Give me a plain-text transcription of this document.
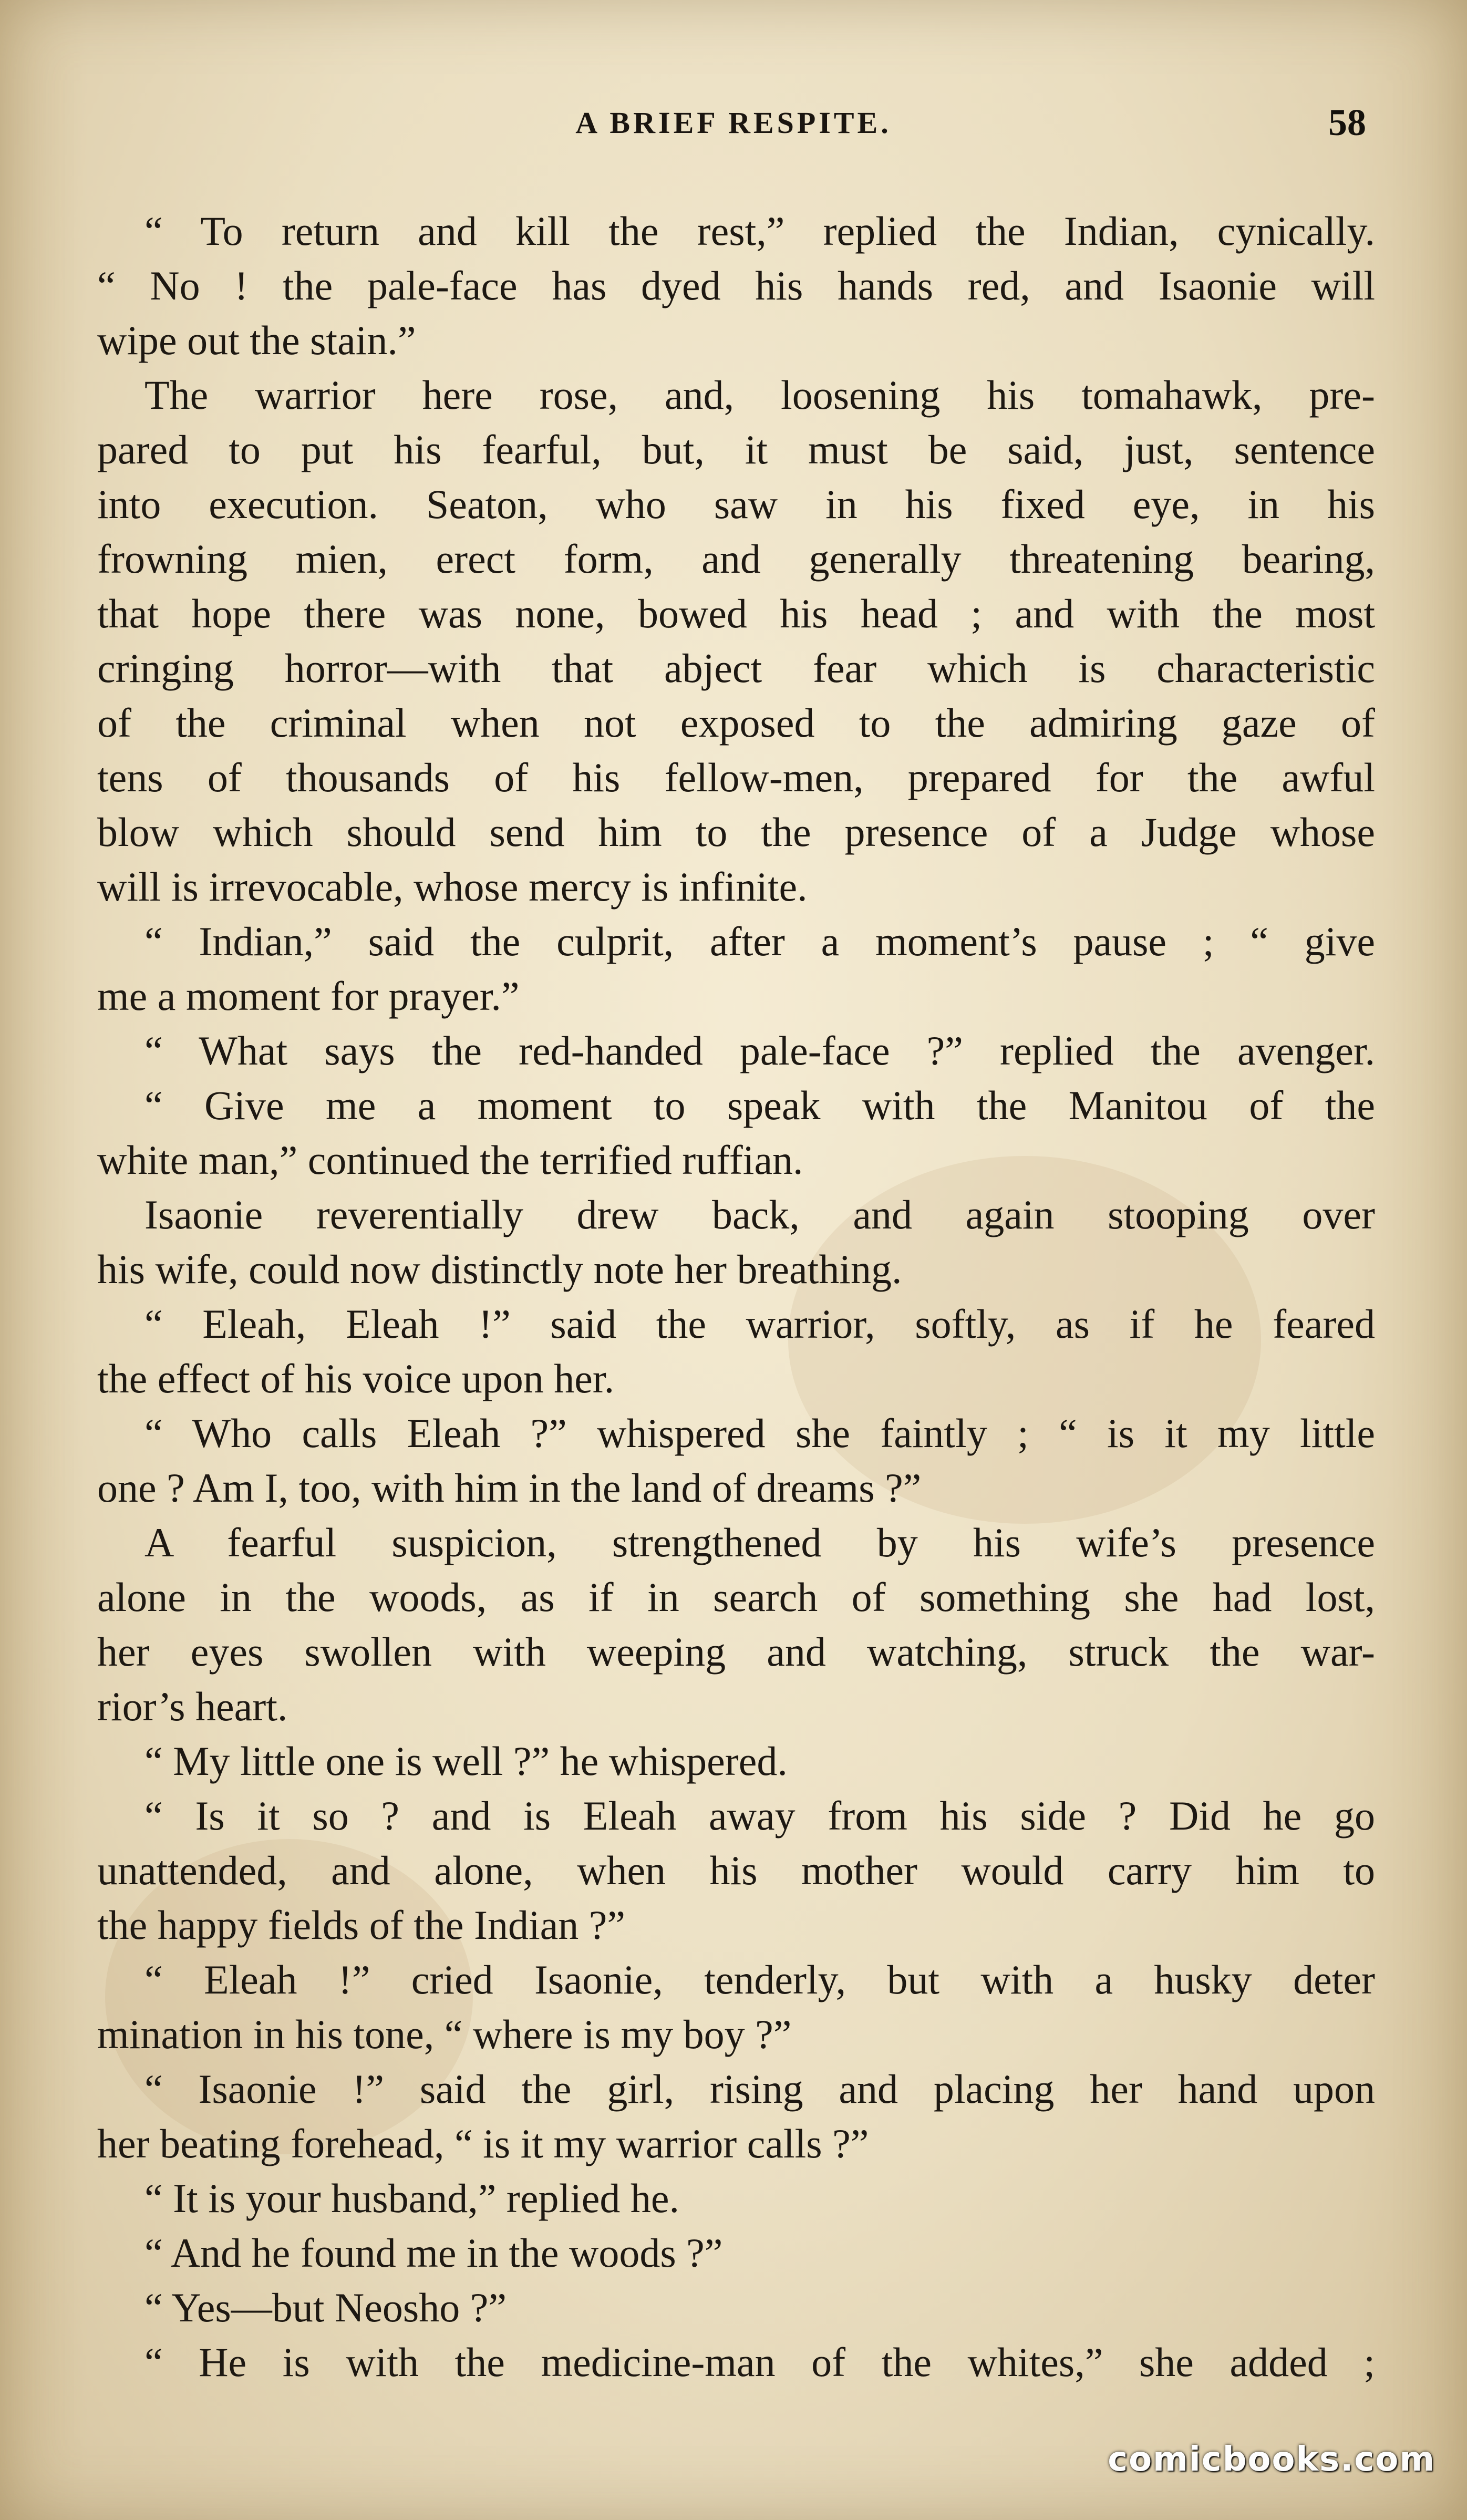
A BRIEF RESPITE.	58
“ To return and kill the rest,” replied the Indian, cynically.
“ No ! the pale-face has dyed his hands red, and Isaonie will
wipe out the stain.”
The warrior here rose, and, loosening his tomahawk, pre-
pared to put his fearful, but, it must be said, just, sentence
into execution. Seaton, who saw in his fixed eye, in his
frowning mien, erect form, and generally threatening bearing,
that hope there was none, bowed his head ; and with the most
cringing horror—with that abject fear which is characteristic
of the criminal when not exposed to the admiring gaze of
tens of thousands of his fellow-men, prepared for the awful
blow which should send him to the presence of a Judge whose
will is irrevocable, whose mercy is infinite.
“ Indian,” said the culprit, after a moment’s pause ; “ give
me a moment for prayer.”
“ What says the red-handed pale-face ?” replied the avenger.
“ Give me a moment to speak with the Manitou of the
white man,” continued the terrified ruffian.
Isaonie reverentially drew back, and again stooping over
his wife, could now distinctly note her breathing.
“ Eleah, Eleah !” said the warrior, softly, as if he feared
the effect of his voice upon her.
“ Who calls Eleah ?” whispered she faintly ; “ is it my little
one ? Am I, too, with him in the land of dreams ?”
A fearful suspicion, strengthened by his wife’s presence
alone in the woods, as if in search of something she had lost,
her eyes swollen with weeping and watching, struck the war-
rior’s heart.
“ My little one is well ?” he whispered.
“ Is it so ? and is Eleah away from his side ? Did he go
unattended, and alone, when his mother would carry him to
the happy fields of the Indian ?”
“ Eleah !” cried Isaonie, tenderly, but with a husky deter
mination in his tone, “ where is my boy ?”
“ Isaonie !” said the girl, rising and placing her hand upon
her beating forehead, “ is it my warrior calls ?”
“ It is your husband,” replied he.
“ And he found me in the woods ?”
“ Yes—but Neosho ?”
“ He is with the medicine-man of the whites,” she added ;
comicbooks.com
